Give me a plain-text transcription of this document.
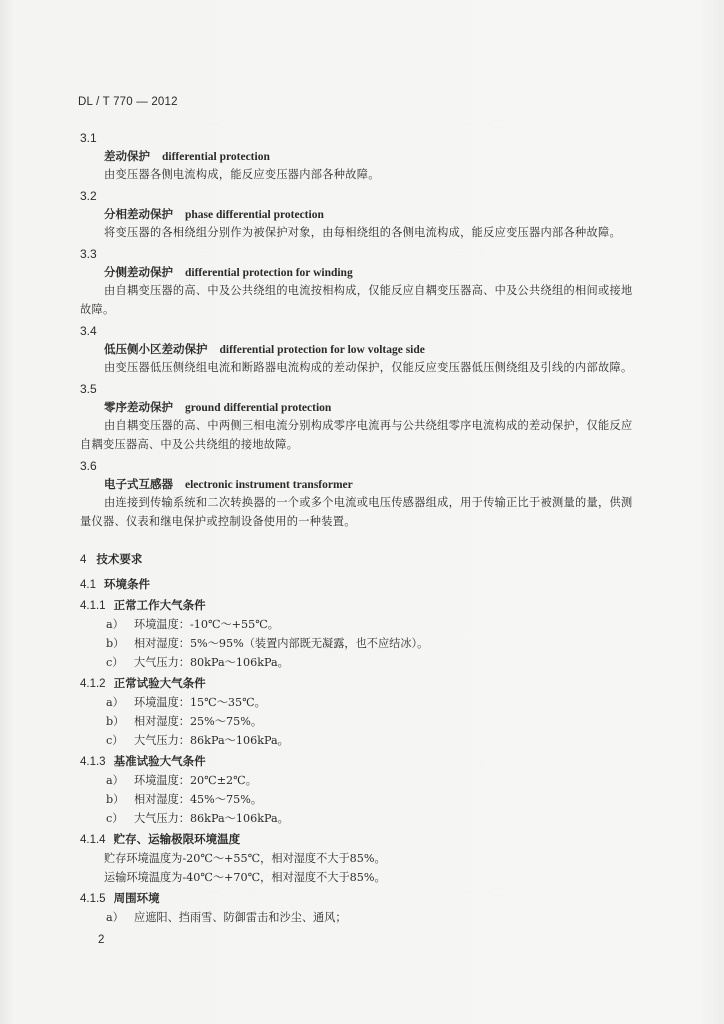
DL / T 770 — 2012
3.1
差动保护 differential protection
由变压器各侧电流构成，能反应变压器内部各种故障。
3.2
分相差动保护 phase differential protection
将变压器的各相绕组分别作为被保护对象，由每相绕组的各侧电流构成，能反应变压器内部各种故障。
3.3
分侧差动保护 differential protection for winding
由自耦变压器的高、中及公共绕组的电流按相构成，仅能反应自耦变压器高、中及公共绕组的相间或接地故障。
3.4
低压侧小区差动保护 differential protection for low voltage side
由变压器低压侧绕组电流和断路器电流构成的差动保护，仅能反应变压器低压侧绕组及引线的内部故障。
3.5
零序差动保护 ground differential protection
由自耦变压器的高、中两侧三相电流分别构成零序电流再与公共绕组零序电流构成的差动保护，仅能反应自耦变压器高、中及公共绕组的接地故障。
3.6
电子式互感器 electronic instrument transformer
由连接到传输系统和二次转换器的一个或多个电流或电压传感器组成，用于传输正比于被测量的量，供测量仪器、仪表和继电保护或控制设备使用的一种装置。
4 技术要求
4.1 环境条件
4.1.1 正常工作大气条件
a） 环境温度：-10℃～+55℃。
b） 相对湿度：5%～95%（装置内部既无凝露，也不应结冰）。
c） 大气压力：80kPa～106kPa。
4.1.2 正常试验大气条件
a） 环境温度：15℃～35℃。
b） 相对湿度：25%～75%。
c） 大气压力：86kPa～106kPa。
4.1.3 基准试验大气条件
a） 环境温度：20℃±2℃。
b） 相对湿度：45%～75%。
c） 大气压力：86kPa～106kPa。
4.1.4 贮存、运输极限环境温度
贮存环境温度为-20℃～+55℃，相对湿度不大于85%。
运输环境温度为-40℃～+70℃，相对湿度不大于85%。
4.1.5 周围环境
a） 应遮阳、挡雨雪、防御雷击和沙尘、通风；
2
